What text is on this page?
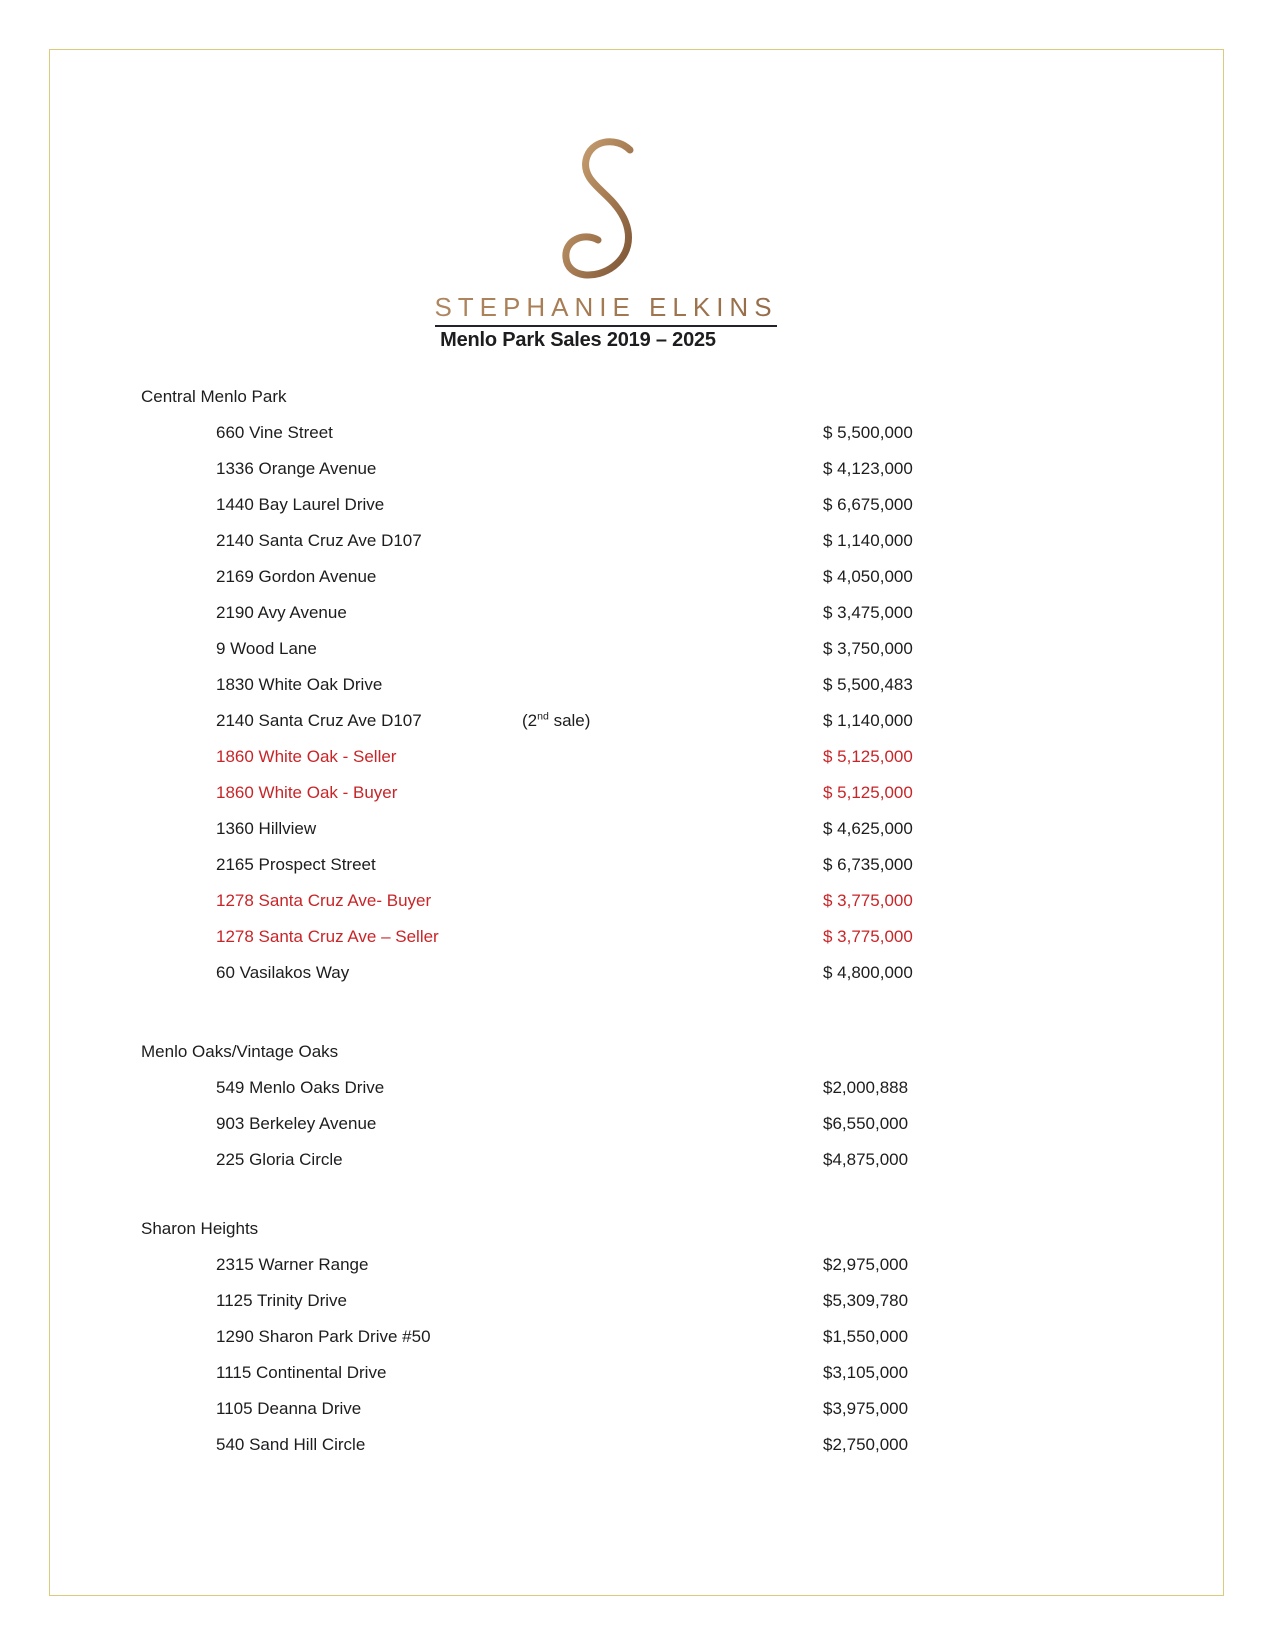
STEPHANIE ELKINS
Menlo Park Sales 2019 – 2025
Central Menlo Park
660 Vine Street	$ 5,500,000
1336 Orange Avenue	$ 4,123,000
1440 Bay Laurel Drive	$ 6,675,000
2140 Santa Cruz Ave D107	$ 1,140,000
2169 Gordon Avenue	$ 4,050,000
2190 Avy Avenue	$ 3,475,000
9 Wood Lane	$ 3,750,000
1830 White Oak Drive	$ 5,500,483
2140 Santa Cruz Ave D107	(2nd sale)	$ 1,140,000
1860 White Oak - Seller	$ 5,125,000
1860 White Oak - Buyer	$ 5,125,000
1360 Hillview	$ 4,625,000
2165 Prospect Street	$ 6,735,000
1278 Santa Cruz Ave- Buyer	$ 3,775,000
1278 Santa Cruz Ave – Seller	$ 3,775,000
60 Vasilakos Way	$ 4,800,000
Menlo Oaks/Vintage Oaks
549 Menlo Oaks Drive	$2,000,888
903 Berkeley Avenue	$6,550,000
225 Gloria Circle	$4,875,000
Sharon Heights
2315 Warner Range	$2,975,000
1125 Trinity Drive	$5,309,780
1290 Sharon Park Drive #50	$1,550,000
1115 Continental Drive	$3,105,000
1105 Deanna Drive	$3,975,000
540 Sand Hill Circle	$2,750,000
